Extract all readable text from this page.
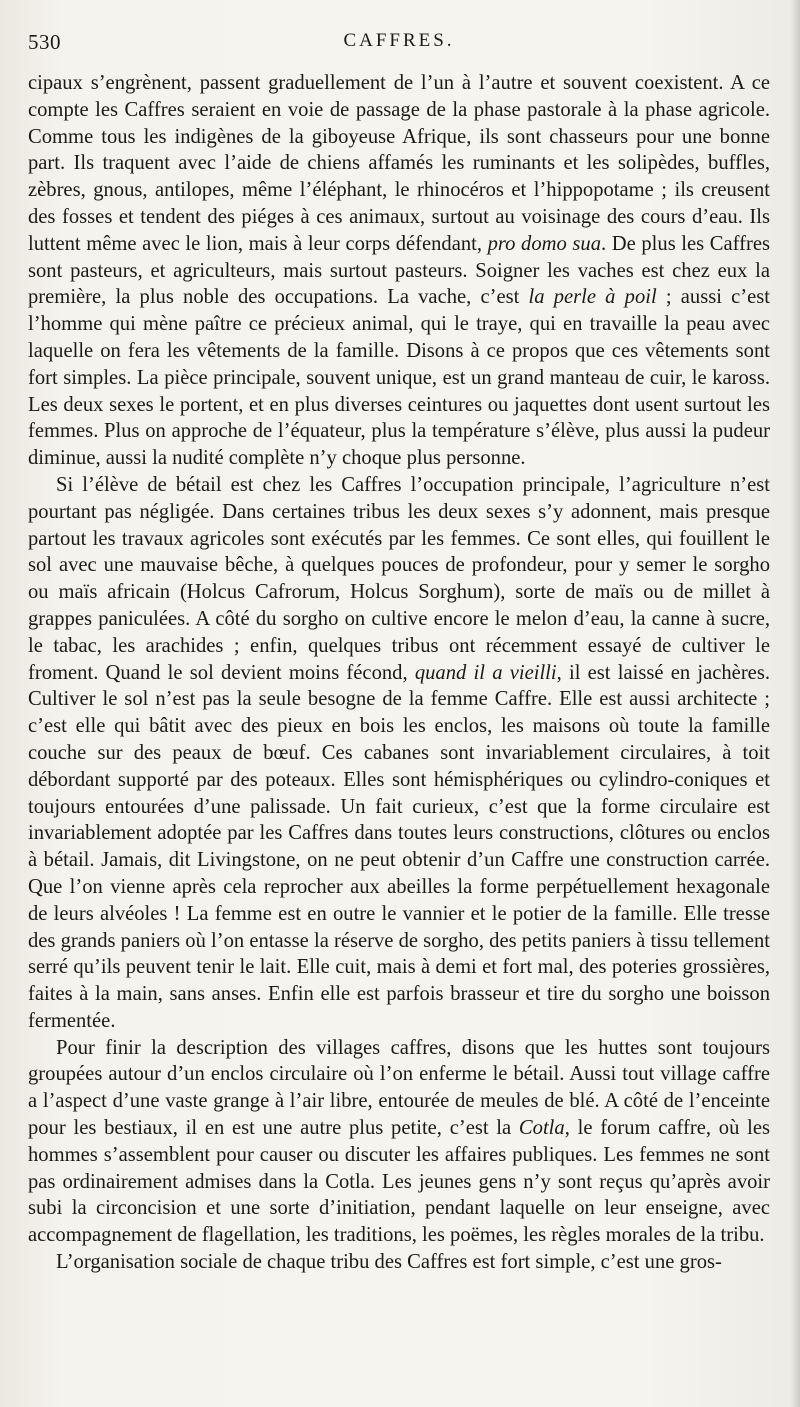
530	CAFFRES.

cipaux s’engrènent, passent graduellement de l’un à l’autre et souvent coexistent. A ce compte les Caffres seraient en voie de passage de la phase pastorale à la phase agricole. Comme tous les indigènes de la giboyeuse Afrique, ils sont chasseurs pour une bonne part. Ils traquent avec l’aide de chiens affamés les ruminants et les solipèdes, buffles, zèbres, gnous, antilopes, même l’éléphant, le rhinocéros et l’hippopotame ; ils creusent des fosses et tendent des piéges à ces animaux, surtout au voisinage des cours d’eau. Ils luttent même avec le lion, mais à leur corps défendant, pro domo sua. De plus les Caffres sont pasteurs, et agriculteurs, mais surtout pasteurs. Soigner les vaches est chez eux la première, la plus noble des occupations. La vache, c’est la perle à poil ; aussi c’est l’homme qui mène paître ce précieux animal, qui le traye, qui en travaille la peau avec laquelle on fera les vêtements de la famille. Disons à ce propos que ces vêtements sont fort simples. La pièce principale, souvent unique, est un grand manteau de cuir, le kaross. Les deux sexes le portent, et en plus diverses ceintures ou jaquettes dont usent surtout les femmes. Plus on approche de l’équateur, plus la température s’élève, plus aussi la pudeur diminue, aussi la nudité complète n’y choque plus personne.

Si l’élève de bétail est chez les Caffres l’occupation principale, l’agriculture n’est pourtant pas négligée. Dans certaines tribus les deux sexes s’y adonnent, mais presque partout les travaux agricoles sont exécutés par les femmes. Ce sont elles, qui fouillent le sol avec une mauvaise bêche, à quelques pouces de profondeur, pour y semer le sorgho ou maïs africain (Holcus Cafrorum, Holcus Sorghum), sorte de maïs ou de millet à grappes paniculées. A côté du sorgho on cultive encore le melon d’eau, la canne à sucre, le tabac, les arachides ; enfin, quelques tribus ont récemment essayé de cultiver le froment. Quand le sol devient moins fécond, quand il a vieilli, il est laissé en jachères. Cultiver le sol n’est pas la seule besogne de la femme Caffre. Elle est aussi architecte ; c’est elle qui bâtit avec des pieux en bois les enclos, les maisons où toute la famille couche sur des peaux de bœuf. Ces cabanes sont invariablement circulaires, à toit débordant supporté par des poteaux. Elles sont hémisphériques ou cylindro-coniques et toujours entourées d’une palissade. Un fait curieux, c’est que la forme circulaire est invariablement adoptée par les Caffres dans toutes leurs constructions, clôtures ou enclos à bétail. Jamais, dit Livingstone, on ne peut obtenir d’un Caffre une construction carrée. Que l’on vienne après cela reprocher aux abeilles la forme perpétuellement hexagonale de leurs alvéoles ! La femme est en outre le vannier et le potier de la famille. Elle tresse des grands paniers où l’on entasse la réserve de sorgho, des petits paniers à tissu tellement serré qu’ils peuvent tenir le lait. Elle cuit, mais à demi et fort mal, des poteries grossières, faites à la main, sans anses. Enfin elle est parfois brasseur et tire du sorgho une boisson fermentée.

Pour finir la description des villages caffres, disons que les huttes sont toujours groupées autour d’un enclos circulaire où l’on enferme le bétail. Aussi tout village caffre a l’aspect d’une vaste grange à l’air libre, entourée de meules de blé. A côté de l’enceinte pour les bestiaux, il en est une autre plus petite, c’est la Cotla, le forum caffre, où les hommes s’assemblent pour causer ou discuter les affaires publiques. Les femmes ne sont pas ordinairement admises dans la Cotla. Les jeunes gens n’y sont reçus qu’après avoir subi la circoncision et une sorte d’initiation, pendant laquelle on leur enseigne, avec accompagnement de flagellation, les traditions, les poëmes, les règles morales de la tribu.

L’organisation sociale de chaque tribu des Caffres est fort simple, c’est une gros-
